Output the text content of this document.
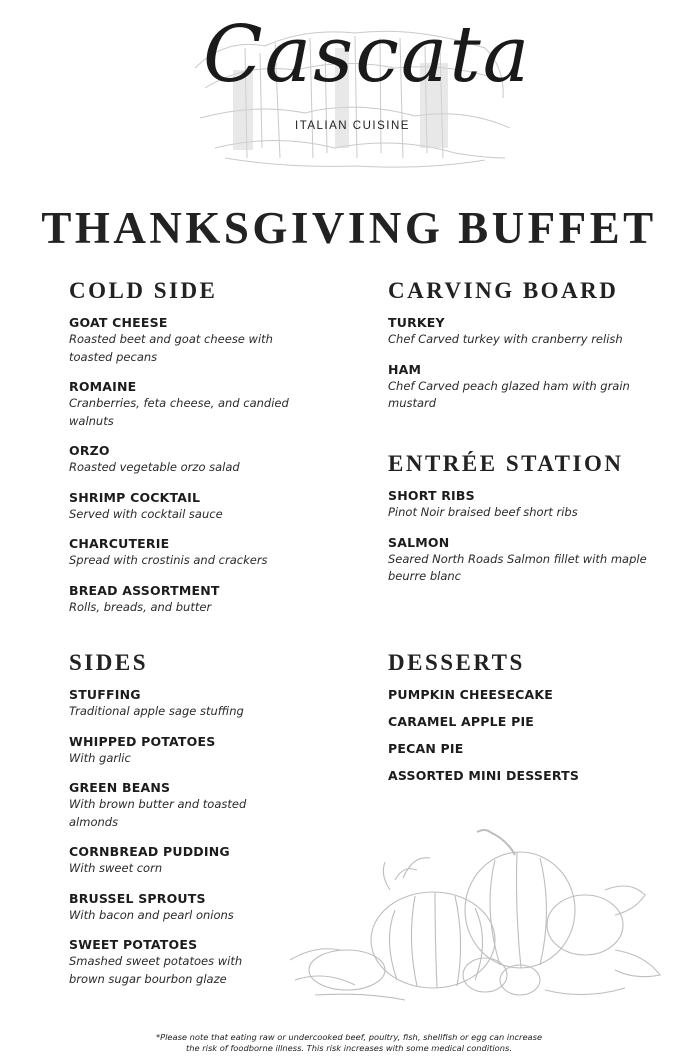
Cascata
ITALIAN CUISINE
THANKSGIVING BUFFET
COLD SIDE
GOAT CHEESE
Roasted beet and goat cheese with toasted pecans
ROMAINE
Cranberries, feta cheese, and candied walnuts
ORZO
Roasted vegetable orzo salad
SHRIMP COCKTAIL
Served with cocktail sauce
CHARCUTERIE
Spread with crostinis and crackers
BREAD ASSORTMENT
Rolls, breads, and butter
SIDES
STUFFING
Traditional apple sage stuffing
WHIPPED POTATOES
With garlic
GREEN BEANS
With brown butter and toasted almonds
CORNBREAD PUDDING
With sweet corn
BRUSSEL SPROUTS
With bacon and pearl onions
SWEET POTATOES
Smashed sweet potatoes with brown sugar bourbon glaze
CARVING BOARD
TURKEY
Chef Carved turkey with cranberry relish
HAM
Chef Carved peach glazed ham with grain mustard
ENTRÉE STATION
SHORT RIBS
Pinot Noir braised beef short ribs
SALMON
Seared North Roads Salmon fillet with maple beurre blanc
DESSERTS
PUMPKIN CHEESECAKE
CARAMEL APPLE PIE
PECAN PIE
ASSORTED MINI DESSERTS
*Please note that eating raw or undercooked beef, poultry, fish, shellfish or egg can increase
the risk of foodborne illness. This risk increases with some medical conditions.
